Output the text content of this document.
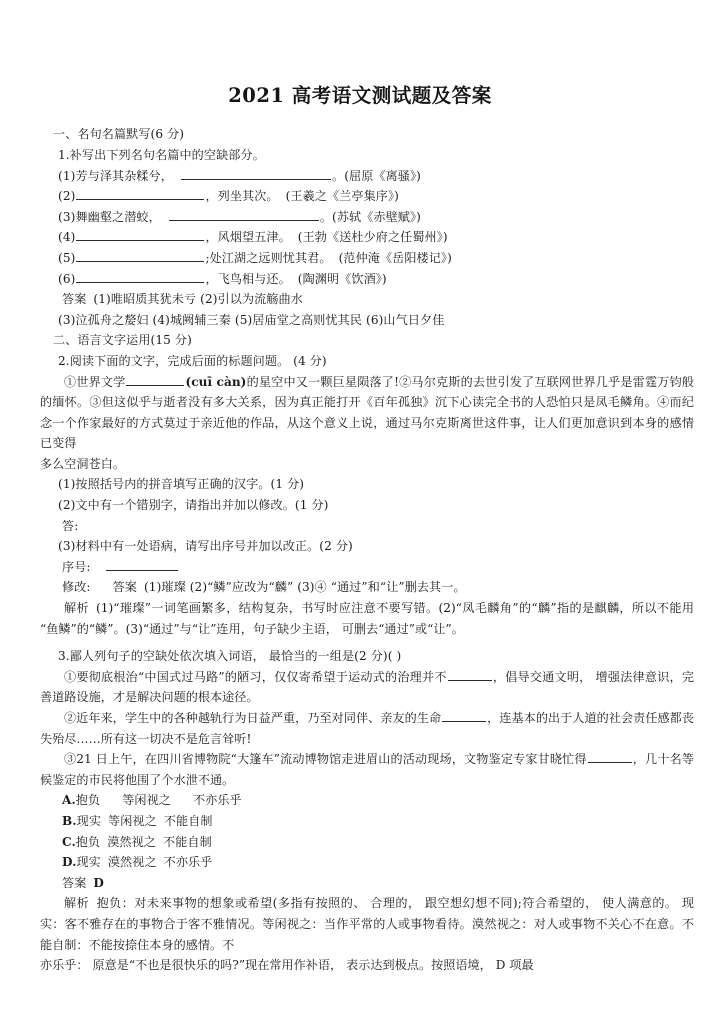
2021 高考语文测试题及答案
一、名句名篇默写(6 分)
1.补写出下列名句名篇中的空缺部分。
(1)芳与泽其杂糅兮，	。(屈原《离骚》)
(2)	，列坐其次。 (王羲之《兰亭集序》)
(3)舞幽壑之潜蛟，	。(苏轼《赤壁赋》)
(4)	，风烟望五津。 (王勃《送杜少府之任蜀州》)
(5)	;处江湖之远则忧其君。 (范仲淹《岳阳楼记》)
(6)	，飞鸟相与还。 (陶渊明《饮酒》)
答案 (1)唯昭质其犹未亏 (2)引以为流觞曲水
(3)泣孤舟之嫠妇 (4)城阙辅三秦 (5)居庙堂之高则忧其民 (6)山气日夕佳
二、语言文字运用(15 分)
2.阅读下面的文字，完成后面的标题问题。 (4 分)
①世界文学	(cuī càn)的星空中又一颗巨星陨落了!②马尔克斯的去世引发了互联网世界几乎是雷霆万钧般的缅怀。③但这似乎与逝者没有多大关系，因为真正能打开《百年孤独》沉下心读完全书的人恐怕只是凤毛鳞角。④而纪念一个作家最好的方式莫过于亲近他的作品，从这个意义上说，通过马尔克斯离世这件事，让人们更加意识到本身的感情已变得
多么空洞苍白。
(1)按照括号内的拼音填写正确的汉字。(1 分)
(2)文中有一个错别字，请指出并加以修改。(1 分)
答:
(3)材料中有一处语病，请写出序号并加以改正。(2 分)
序号:
修改: 答案 (1)璀璨 (2)“鳞”应改为“麟” (3)④ “通过”和“让”删去其一。
解析 (1)“璀璨”一词笔画繁多，结构复杂，书写时应注意不要写错。(2)“凤毛麟角”的“麟”指的是麒麟，所以不能用“鱼鳞”的“鳞”。(3)“通过”与“让”连用，句子缺少主语， 可删去“通过”或“让”。
3.鄙人列句子的空缺处依次填入词语， 最恰当的一组是(2 分)( )
①要彻底根治“中国式过马路”的陋习，仅仅寄希望于运动式的治理并不	，倡导交通文明， 增强法律意识，完善道路设施，才是解决问题的根本途径。
②近年来，学生中的各种越轨行为日益严重，乃至对同伴、亲友的生命	，连基本的出于人道的社会责任感都丧失殆尽……所有这一切决不是危言耸听!
③21 日上午，在四川省博物院“大篷车”流动博物馆走进眉山的活动现场，文物鉴定专家甘晓忙得	，几十名等候鉴定的市民将他围了个水泄不通。
A.抱负 等闲视之 不亦乐乎
B.现实 等闲视之 不能自制
C.抱负 漠然视之 不能自制
D.现实 漠然视之 不亦乐乎
答案 D
解析 抱负：对未来事物的想象或希望(多指有按照的、 合理的， 跟空想幻想不同);符合希望的， 使人满意的。 现实：客不雅存在的事物合于客不雅情况。等闲视之：当作平常的人或事物看待。漠然视之：对人或事物不关心不在意。不能自制：不能按捺住本身的感情。不
亦乐乎： 原意是“不也是很快乐的吗?”现在常用作补语， 表示达到极点。按照语境， D 项最
